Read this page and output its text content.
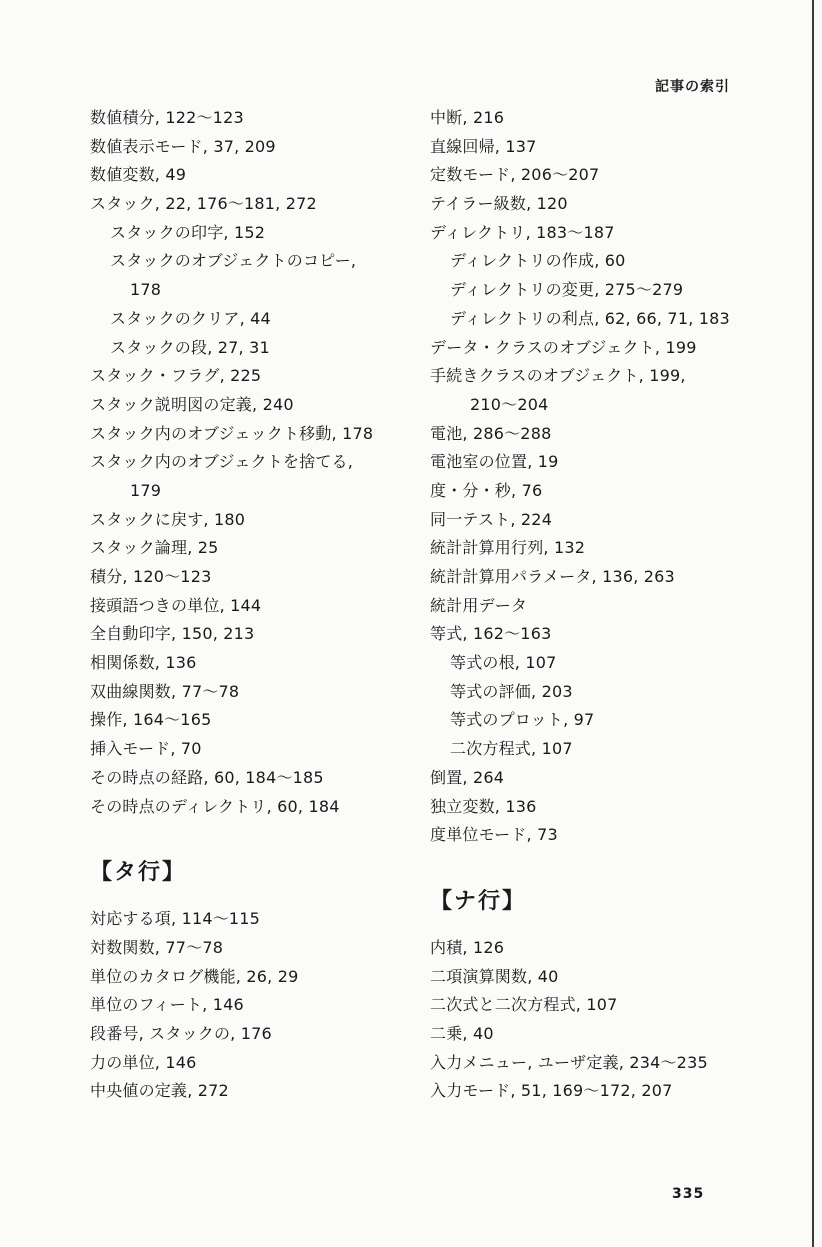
記事の索引
数値積分, 122～123
数値表示モード, 37, 209
数値変数, 49
スタック, 22, 176～181, 272
スタックの印字, 152
スタックのオブジェクトのコピー,
178
スタックのクリア, 44
スタックの段, 27, 31
スタック・フラグ, 225
スタック説明図の定義, 240
スタック内のオブジェックト移動, 178
スタック内のオブジェクトを捨てる,
179
スタックに戻す, 180
スタック論理, 25
積分, 120～123
接頭語つきの単位, 144
全自動印字, 150, 213
相関係数, 136
双曲線関数, 77～78
操作, 164～165
挿入モード, 70
その時点の経路, 60, 184～185
その時点のディレクトリ, 60, 184
【タ行】
対応する項, 114～115
対数関数, 77～78
単位のカタログ機能, 26, 29
単位のフィート, 146
段番号, スタックの, 176
力の単位, 146
中央値の定義, 272
中断, 216
直線回帰, 137
定数モード, 206～207
テイラー級数, 120
ディレクトリ, 183～187
ディレクトリの作成, 60
ディレクトリの変更, 275～279
ディレクトリの利点, 62, 66, 71, 183
データ・クラスのオブジェクト, 199
手続きクラスのオブジェクト, 199,
210～204
電池, 286～288
電池室の位置, 19
度・分・秒, 76
同一テスト, 224
統計計算用行列, 132
統計計算用パラメータ, 136, 263
統計用データ
等式, 162～163
等式の根, 107
等式の評価, 203
等式のプロット, 97
二次方程式, 107
倒置, 264
独立変数, 136
度単位モード, 73
【ナ行】
内積, 126
二項演算関数, 40
二次式と二次方程式, 107
二乗, 40
入力メニュー, ユーザ定義, 234～235
入力モード, 51, 169～172, 207
335
